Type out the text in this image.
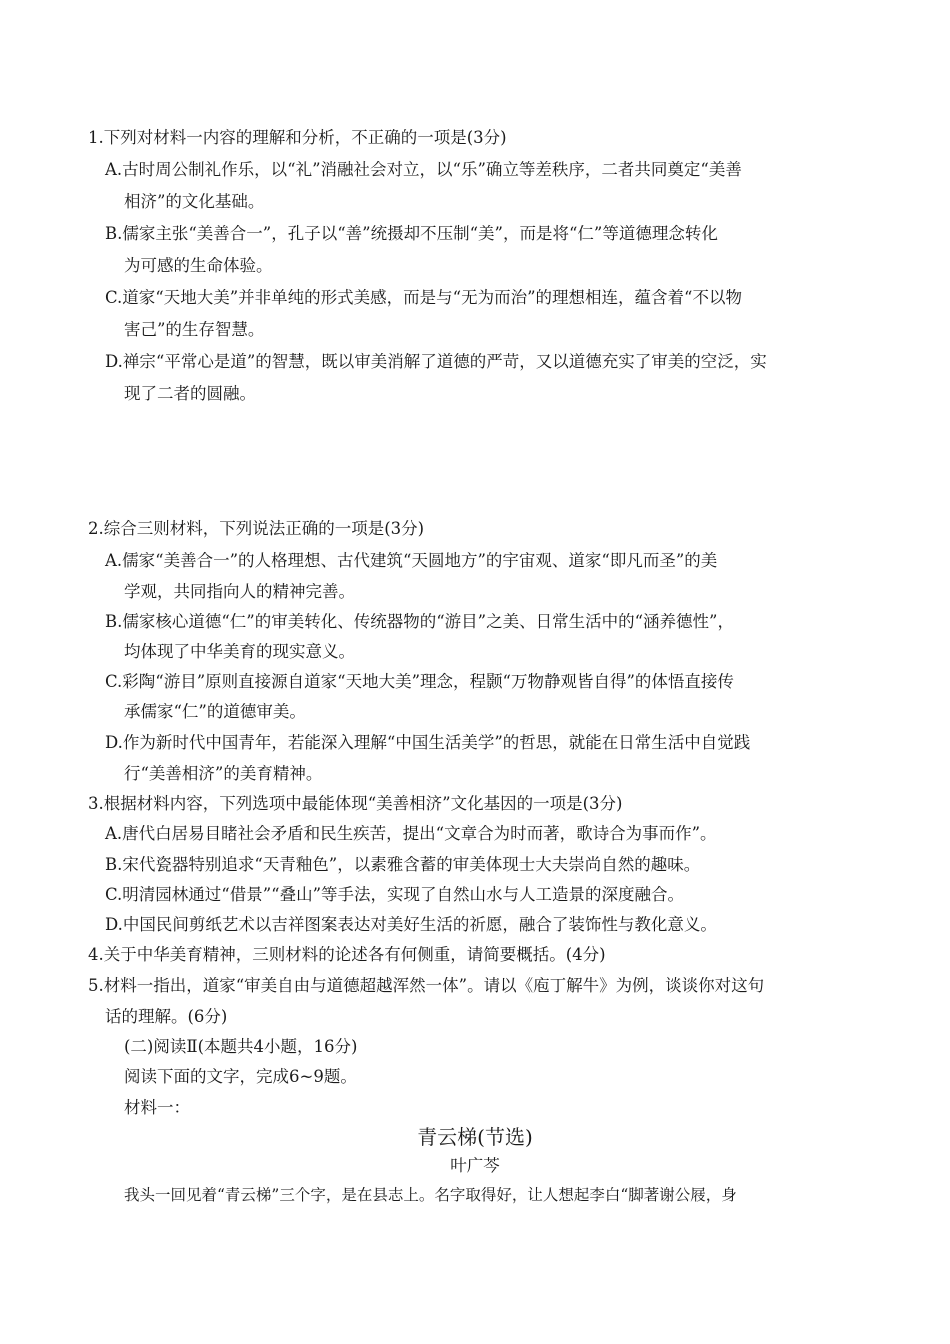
1.下列对材料一内容的理解和分析，不正确的一项是(3分)
A.古时周公制礼作乐，以“礼”消融社会对立，以“乐”确立等差秩序，二者共同奠定“美善
相济”的文化基础。
B.儒家主张“美善合一”，孔子以“善”统摄却不压制“美”，而是将“仁”等道德理念转化
为可感的生命体验。
C.道家“天地大美”并非单纯的形式美感，而是与“无为而治”的理想相连，蕴含着“不以物
害己”的生存智慧。
D.禅宗“平常心是道”的智慧，既以审美消解了道德的严苛，又以道德充实了审美的空泛，实
现了二者的圆融。
2.综合三则材料，下列说法正确的一项是(3分)
A.儒家“美善合一”的人格理想、古代建筑“天圆地方”的宇宙观、道家“即凡而圣”的美
学观，共同指向人的精神完善。
B.儒家核心道德“仁”的审美转化、传统器物的“游目”之美、日常生活中的“涵养德性”，
均体现了中华美育的现实意义。
C.彩陶“游目”原则直接源自道家“天地大美”理念，程颢“万物静观皆自得”的体悟直接传
承儒家“仁”的道德审美。
D.作为新时代中国青年，若能深入理解“中国生活美学”的哲思，就能在日常生活中自觉践
行“美善相济”的美育精神。
3.根据材料内容，下列选项中最能体现“美善相济”文化基因的一项是(3分)
A.唐代白居易目睹社会矛盾和民生疾苦，提出“文章合为时而著，歌诗合为事而作”。
B.宋代瓷器特别追求“天青釉色”，以素雅含蓄的审美体现士大夫崇尚自然的趣味。
C.明清园林通过“借景”“叠山”等手法，实现了自然山水与人工造景的深度融合。
D.中国民间剪纸艺术以吉祥图案表达对美好生活的祈愿，融合了装饰性与教化意义。
4.关于中华美育精神，三则材料的论述各有何侧重，请简要概括。(4分)
5.材料一指出，道家“审美自由与道德超越浑然一体”。请以《庖丁解牛》为例，谈谈你对这句
话的理解。(6分)
(二)阅读Ⅱ(本题共4小题，16分)
阅读下面的文字，完成6~9题。
材料一：
青云梯(节选)
叶广芩
我头一回见着“青云梯”三个字，是在县志上。名字取得好，让人想起李白“脚著谢公屐，身
